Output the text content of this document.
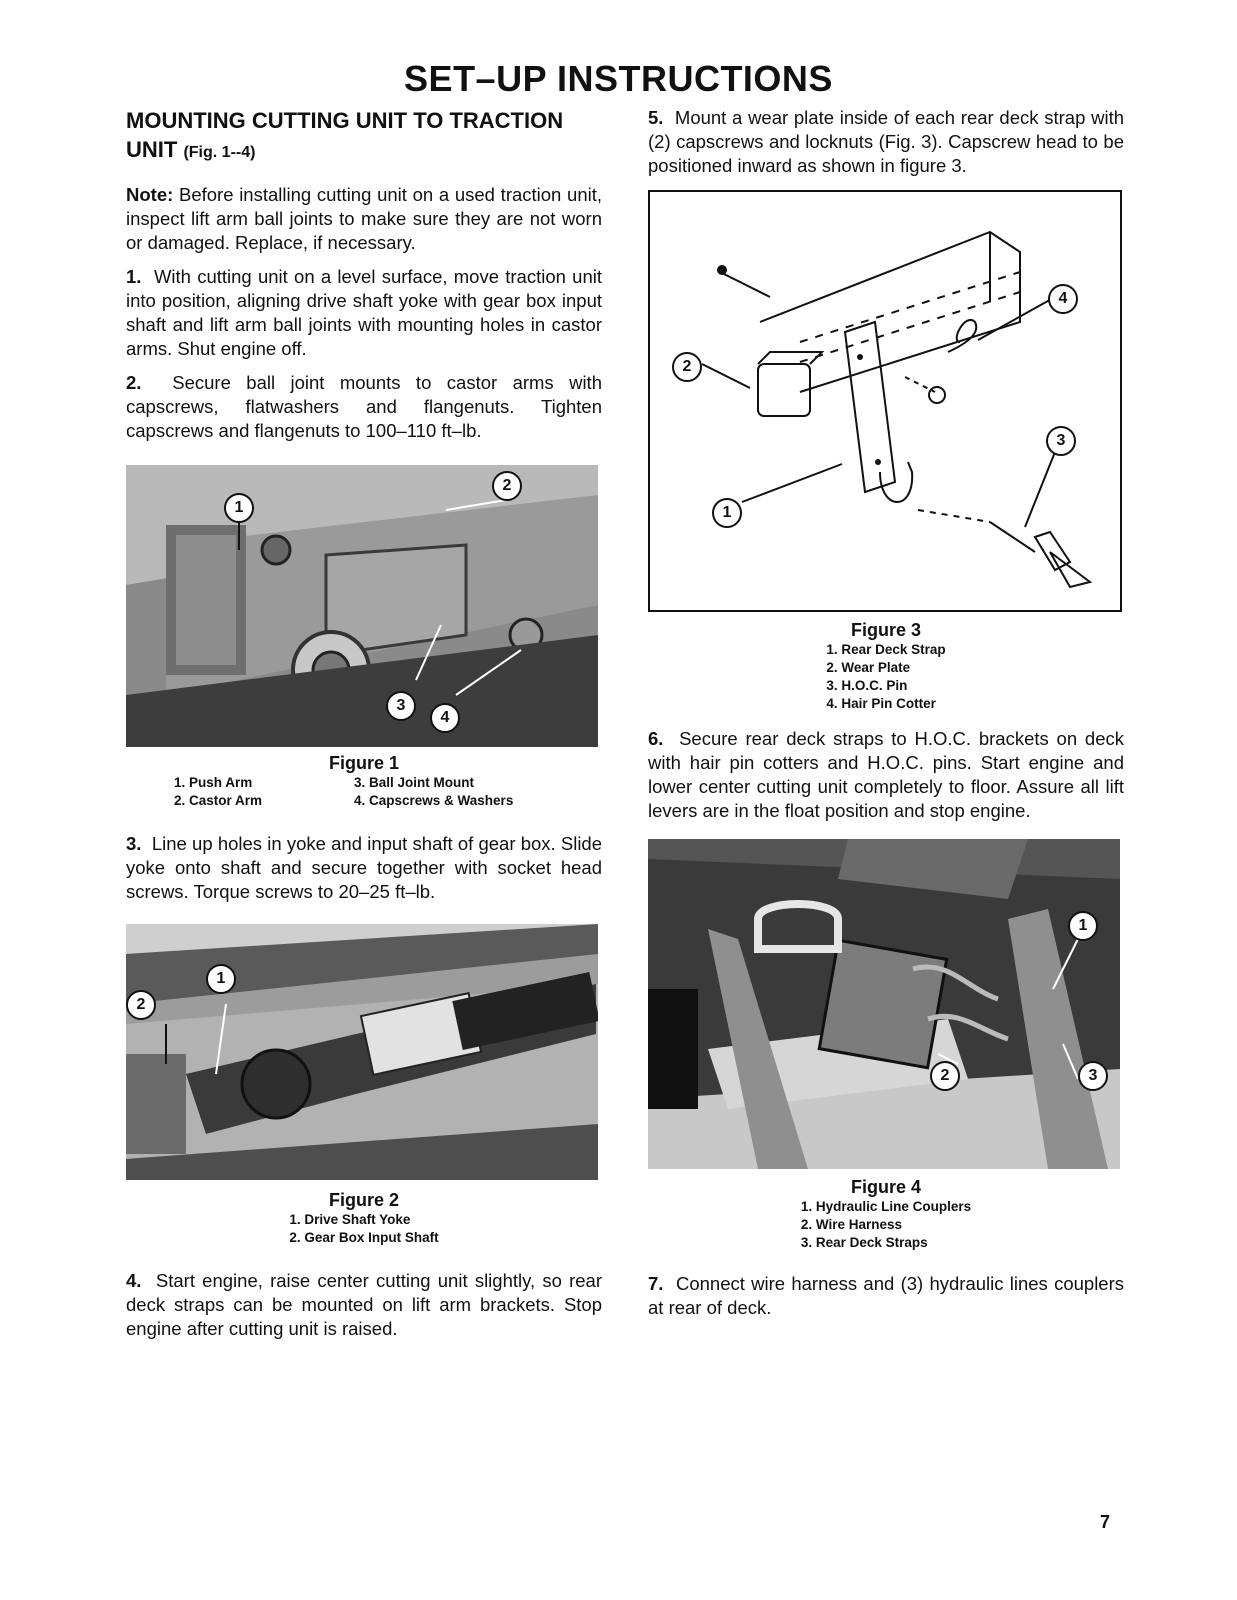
SET–UP INSTRUCTIONS
MOUNTING CUTTING UNIT TO TRACTION UNIT (Fig. 1--4)

Note: Before installing cutting unit on a used traction unit, inspect lift arm ball joints to make sure they are not worn or damaged. Replace, if necessary.

1. With cutting unit on a level surface, move traction unit into position, aligning drive shaft yoke with gear box input shaft and lift arm ball joints with mounting holes in castor arms. Shut engine off.

2. Secure ball joint mounts to castor arms with capscrews, flatwashers and flangenuts. Tighten capscrews and flangenuts to 100–110 ft–lb.

1
2
3
4
Figure 1
1. Push Arm	3. Ball Joint Mount
2. Castor Arm	4. Capscrews & Washers

3. Line up holes in yoke and input shaft of gear box. Slide yoke onto shaft and secure together with socket head screws. Torque screws to 20–25 ft–lb.

1
2
Figure 2
1. Drive Shaft Yoke
2. Gear Box Input Shaft

4. Start engine, raise center cutting unit slightly, so rear deck straps can be mounted on lift arm brackets. Stop engine after cutting unit is raised.

5. Mount a wear plate inside of each rear deck strap with (2) capscrews and locknuts (Fig. 3). Capscrew head to be positioned inward as shown in figure 3.

2
4
3
1
Figure 3
1. Rear Deck Strap
2. Wear Plate
3. H.O.C. Pin
4. Hair Pin Cotter

6. Secure rear deck straps to H.O.C. brackets on deck with hair pin cotters and H.O.C. pins. Start engine and lower center cutting unit completely to floor. Assure all lift levers are in the float position and stop engine.

1
2	3
Figure 4
1. Hydraulic Line Couplers
2. Wire Harness
3. Rear Deck Straps

7. Connect wire harness and (3) hydraulic lines couplers at rear of deck.

7
